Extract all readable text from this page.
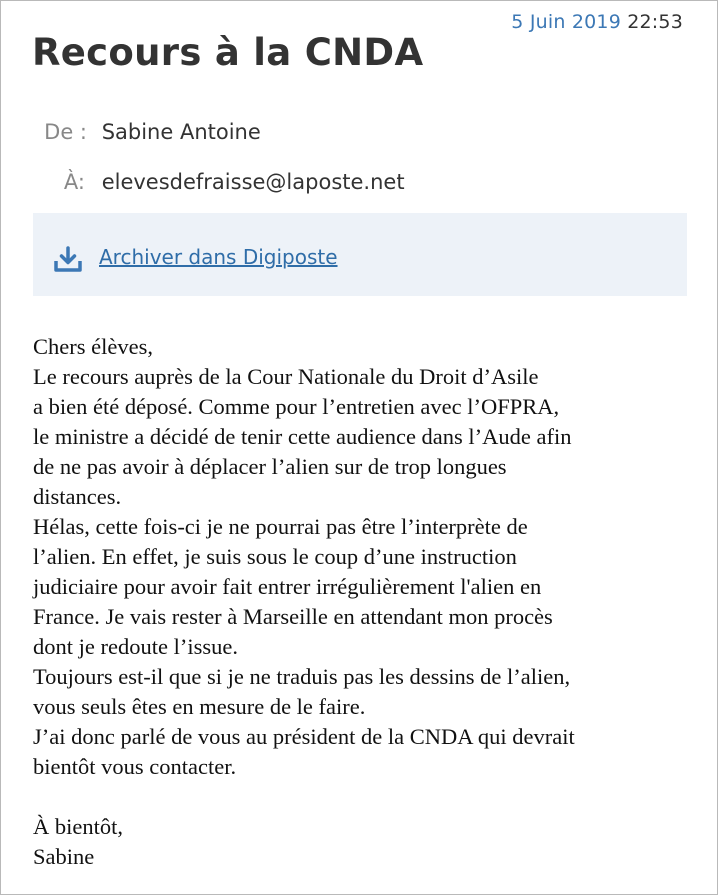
5 Juin 2019 22:53
Recours à la CNDA
De : Sabine Antoine
À: elevesdefraisse@laposte.net
Archiver dans Digiposte

Chers élèves,

Le recours auprès de la Cour Nationale du Droit d’Asile

a bien été déposé. Comme pour l’entretien avec l’OFPRA,

le ministre a décidé de tenir cette audience dans l’Aude afin

de ne pas avoir à déplacer l’alien sur de trop longues

distances.

Hélas, cette fois-ci je ne pourrai pas être l’interprète de

l’alien. En effet, je suis sous le coup d’une instruction

judiciaire pour avoir fait entrer irrégulièrement l'alien en

France. Je vais rester à Marseille en attendant mon procès

dont je redoute l’issue.

Toujours est-il que si je ne traduis pas les dessins de l’alien,

vous seuls êtes en mesure de le faire.

J’ai donc parlé de vous au président de la CNDA qui devrait

bientôt vous contacter.

À bientôt,

Sabine
